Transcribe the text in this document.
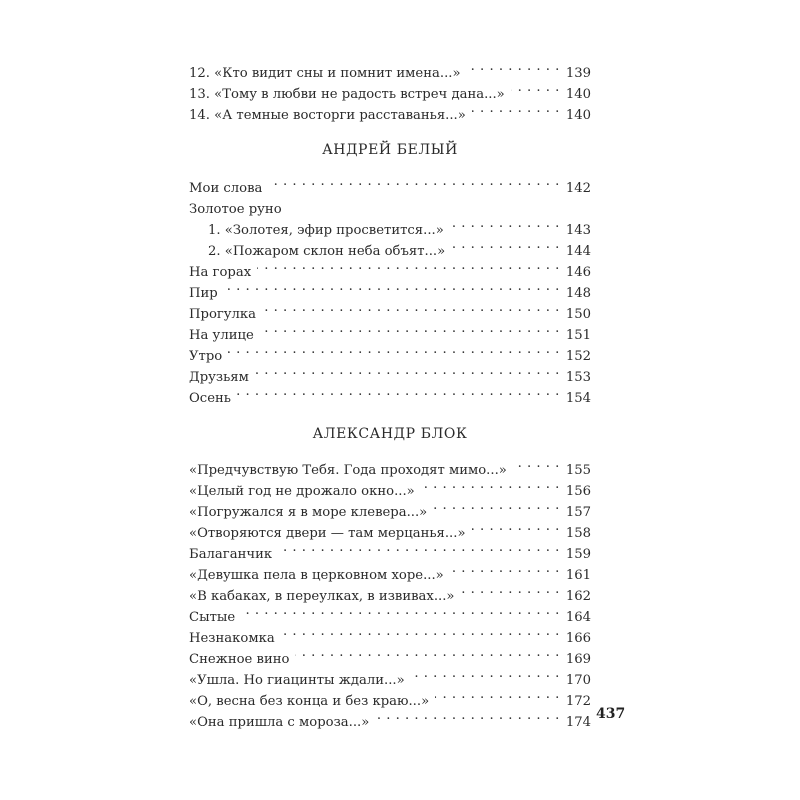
12. «Кто видит сны и помнит имена...» . . .	139
13. «Тому в любви не радость встреч дана...» . . .	140
14. «А темные восторги расставанья...» . . .	140
АНДРЕЙ БЕЛЫЙ
Мои слова . . .	142
Золотое руно
1. «Золотея, эфир просветится...» . . .	143
2. «Пожаром склон неба объят...» . . .	144
На горах . . .	146
Пир . . .	148
Прогулка . . .	150
На улице . . .	151
Утро . . .	152
Друзьям . . .	153
Осень . . .	154
АЛЕКСАНДР БЛОК
«Предчувствую Тебя. Года проходят мимо...» . . .	155
«Целый год не дрожало окно...» . . .	156
«Погружался я в море клевера...» . . .	157
«Отворяются двери — там мерцанья...» . . .	158
Балаганчик . . .	159
«Девушка пела в церковном хоре...» . . .	161
«В кабаках, в переулках, в извивах...» . . .	162
Сытые . . .	164
Незнакомка . . .	166
Снежное вино . . .	169
«Ушла. Но гиацинты ждали...» . . .	170
«О, весна без конца и без краю...» . . .	172
«Она пришла с мороза...» . . .	174
437
